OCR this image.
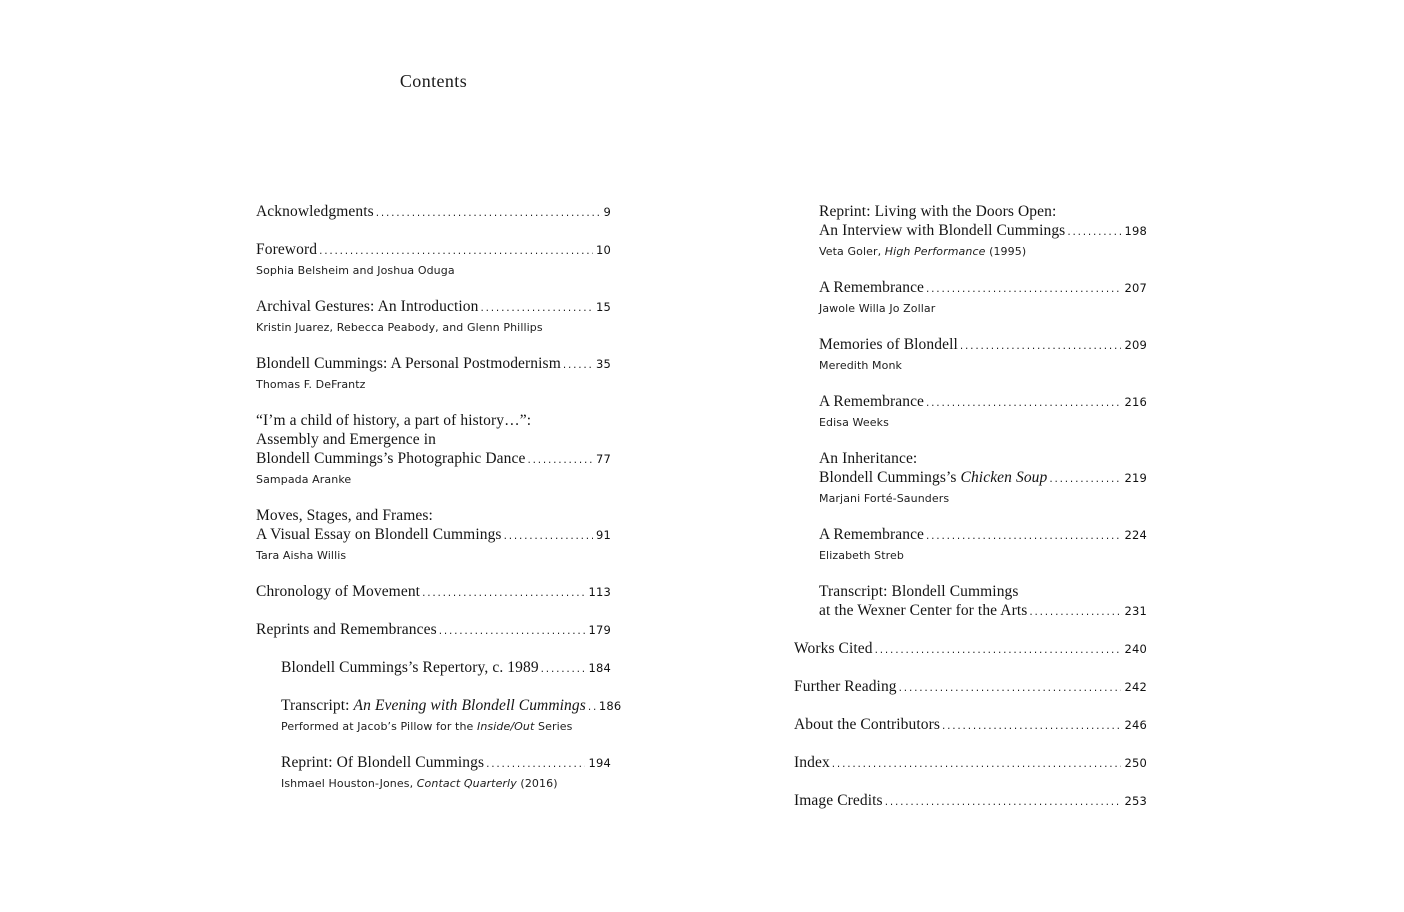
Contents
Acknowledgments .....	9
Foreword .....	10
Sophia Belsheim and Joshua Oduga
Archival Gestures: An Introduction .....	15
Kristin Juarez, Rebecca Peabody, and Glenn Phillips
Blondell Cummings: A Personal Postmodernism .....	35
Thomas F. DeFrantz
“I’m a child of history, a part of history…”:
Assembly and Emergence in
Blondell Cummings’s Photographic Dance .....	77
Sampada Aranke
Moves, Stages, and Frames:
A Visual Essay on Blondell Cummings .....	91
Tara Aisha Willis
Chronology of Movement .....	113
Reprints and Remembrances .....	179
Blondell Cummings’s Repertory, c. 1989 .....	184
Transcript: An Evening with Blondell Cummings ..... 186
Performed at Jacob’s Pillow for the Inside/Out Series
Reprint: Of Blondell Cummings .....	194
Ishmael Houston-Jones, Contact Quarterly (2016)
Reprint: Living with the Doors Open:
An Interview with Blondell Cummings .....	198
Veta Goler, High Performance (1995)
A Remembrance .....	207
Jawole Willa Jo Zollar
Memories of Blondell .....	209
Meredith Monk
A Remembrance .....	216
Edisa Weeks
An Inheritance:
Blondell Cummings’s Chicken Soup .....	219
Marjani Forté-Saunders
A Remembrance .....	224
Elizabeth Streb
Transcript: Blondell Cummings
at the Wexner Center for the Arts .....	231
Works Cited .....	240
Further Reading .....	242
About the Contributors .....	246
Index .....	250
Image Credits .....	253
